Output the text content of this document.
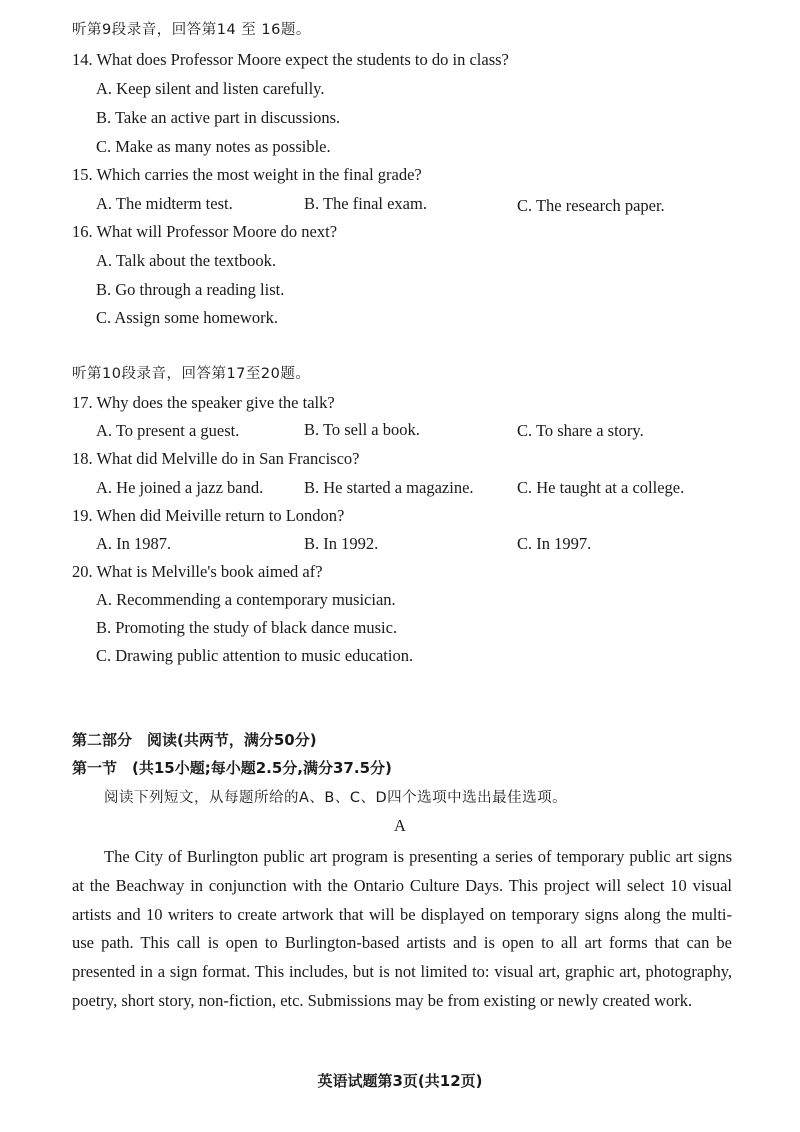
听第9段录音，回答第14 至 16题。
14. What does Professor Moore expect the students to do in class?
A. Keep silent and listen carefully.
B. Take an active part in discussions.
C. Make as many notes as possible.
15. Which carries the most weight in the final grade?
A. The midterm test.	B. The final exam.	C. The research paper.
16. What will Professor Moore do next?
A. Talk about the textbook.
B. Go through a reading list.
C. Assign some homework.
听第10段录音，回答第17至20题。
17. Why does the speaker give the talk?
A. To present a guest.	B. To sell a book.	C. To share a story.
18. What did Melville do in San Francisco?
A. He joined a jazz band. B. He started a magazine.	C. He taught at a college.
19. When did Meiville return to London?
A. In 1987.	B. In 1992.	C. In 1997.
20. What is Melville's book aimed af?
A. Recommending a contemporary musician.
B. Promoting the study of black dance music.
C. Drawing public attention to music education.
第二部分　阅读(共两节，满分50分)
第一节　(共15小题;每小题2.5分,满分37.5分)
阅读下列短文，从每题所给的A、B、C、D四个选项中选出最佳选项。
A
The City of Burlington public art program is presenting a series of temporary public art signs at the Beachway in conjunction with the Ontario Culture Days. This project will select 10 visual artists and 10 writers to create artwork that will be displayed on temporary signs along the multi-use path. This call is open to Burlington-based artists and is open to all art forms that can be presented in a sign format. This includes, but is not limited to: visual art, graphic art, photography, poetry, short story, non-fiction, etc. Submissions may be from existing or newly created work.
英语试题第3页(共12页)
